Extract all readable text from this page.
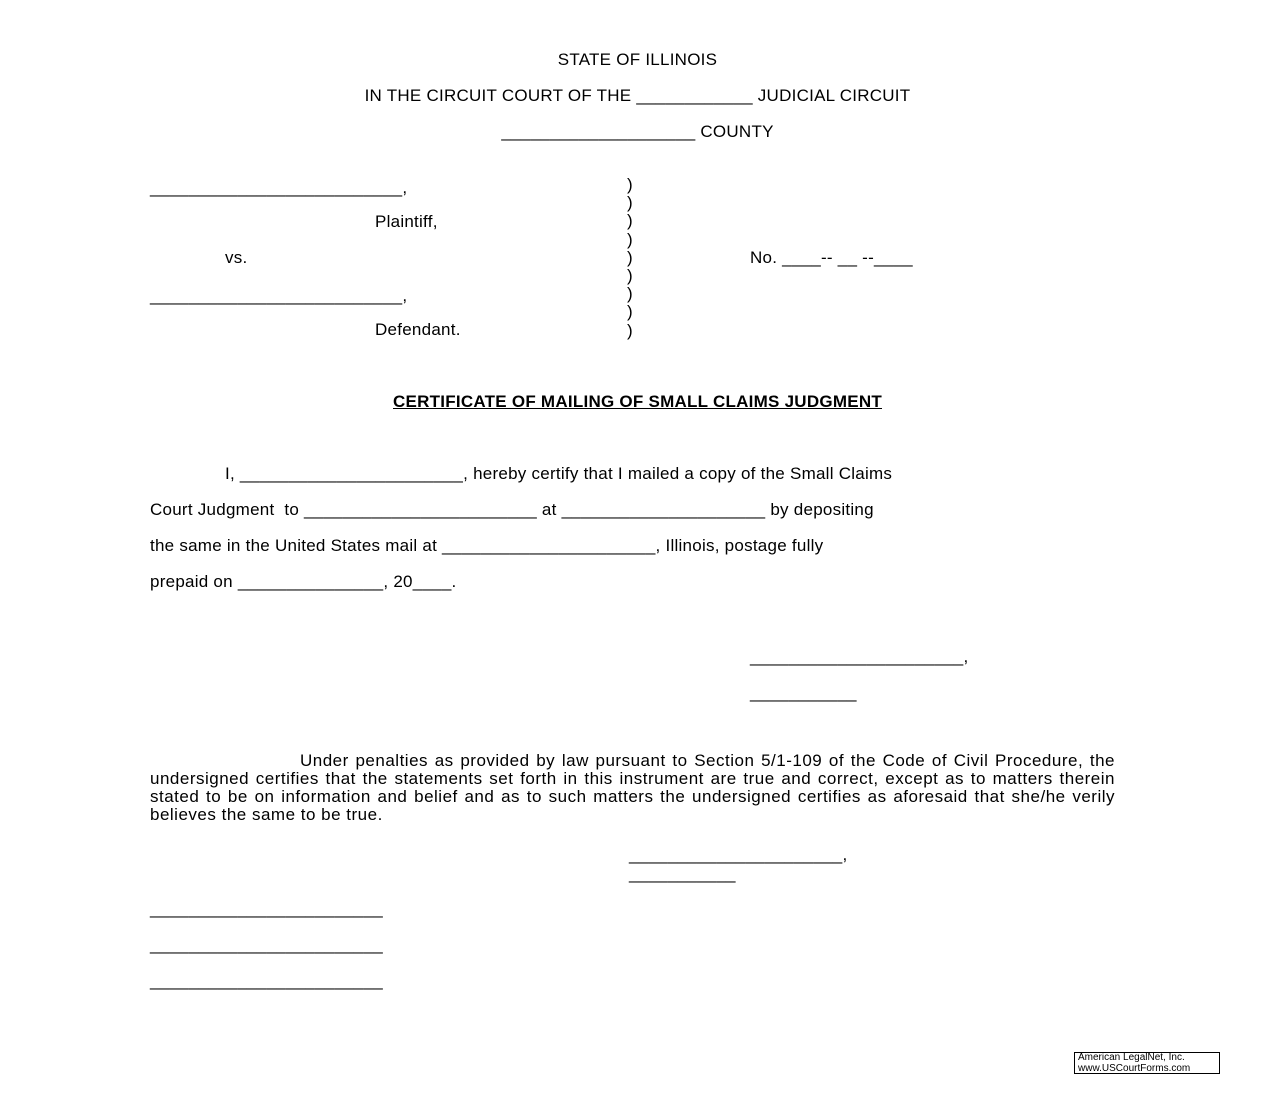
STATE OF ILLINOIS
IN THE CIRCUIT COURT OF THE ____________ JUDICIAL CIRCUIT
____________________ COUNTY
__________________________,
Plaintiff,
vs.
__________________________,
Defendant.
No. ____-- __ --____
)
)
)
)
)
)
)
)
)
CERTIFICATE OF MAILING OF SMALL CLAIMS JUDGMENT
I, _______________________, hereby certify that I mailed a copy of the Small Claims
Court Judgment  to ________________________ at _____________________ by depositing
the same in the United States mail at ______________________, Illinois, postage fully
prepaid on _______________, 20____.
______________________,
___________
Under penalties as provided by law pursuant to Section 5/1-109 of the Code of Civil Procedure, the undersigned certifies that the statements set forth in this instrument are true and correct, except as to matters therein stated to be on information and belief and as to such matters the undersigned certifies as aforesaid that she/he verily believes the same to be true.
______________________,
___________
________________________
________________________
________________________
American LegalNet, Inc.
www.USCourtForms.com
